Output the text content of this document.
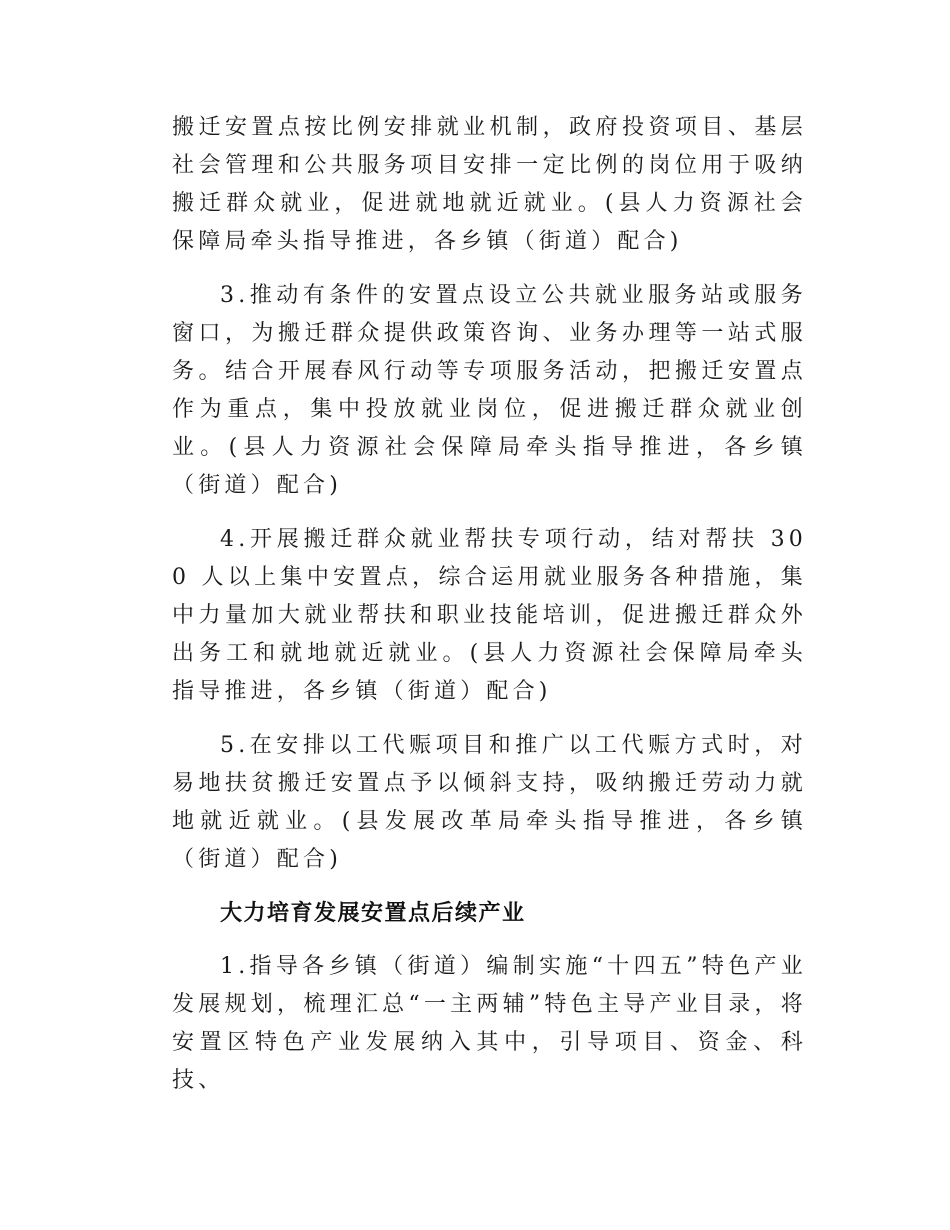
搬迁安置点按比例安排就业机制，政府投资项目、基层社会管理和公共服务项目安排一定比例的岗位用于吸纳搬迁群众就业，促进就地就近就业。(县人力资源社会保障局牵头指导推进，各乡镇（街道）配合)

3.推动有条件的安置点设立公共就业服务站或服务窗口，为搬迁群众提供政策咨询、业务办理等一站式服务。结合开展春风行动等专项服务活动，把搬迁安置点作为重点，集中投放就业岗位，促进搬迁群众就业创业。(县人力资源社会保障局牵头指导推进，各乡镇（街道）配合)

4.开展搬迁群众就业帮扶专项行动，结对帮扶 300 人以上集中安置点，综合运用就业服务各种措施，集中力量加大就业帮扶和职业技能培训，促进搬迁群众外出务工和就地就近就业。(县人力资源社会保障局牵头指导推进，各乡镇（街道）配合)

5.在安排以工代赈项目和推广以工代赈方式时，对易地扶贫搬迁安置点予以倾斜支持，吸纳搬迁劳动力就地就近就业。(县发展改革局牵头指导推进，各乡镇（街道）配合)

大力培育发展安置点后续产业

1.指导各乡镇（街道）编制实施“十四五”特色产业发展规划，梳理汇总“一主两辅”特色主导产业目录，将安置区特色产业发展纳入其中，引导项目、资金、科技、
